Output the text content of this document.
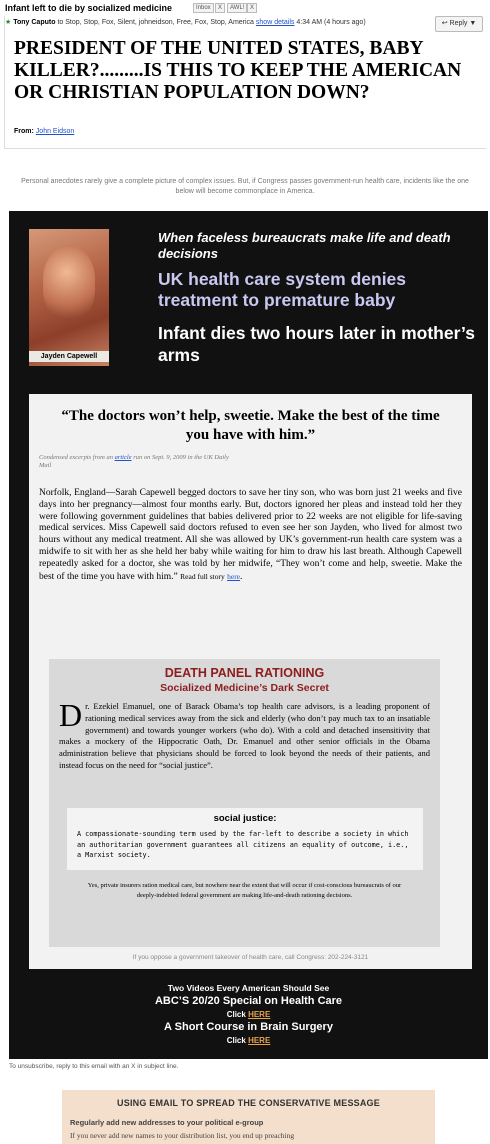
Infant left to die by socialized medicine	Inbox	X	AWL! X
★ Tony Caputo to Stop, Stop, Fox, Silent, johneidson, Free, Fox, Stop, America show details 4:34 AM (4 hours ago)	↩ Reply ▼
PRESIDENT OF THE UNITED STATES, BABY KILLER?.........IS THIS TO KEEP THE AMERICAN OR CHRISTIAN POPULATION DOWN?
From: John Eidson
Personal anecdotes rarely give a complete picture of complex issues. But, if Congress passes government-run health care, incidents like the one below will become commonplace in America.
Jayden Capewell
When faceless bureaucrats make life and death decisions
UK health care system denies treatment to premature baby
Infant dies two hours later in mother’s arms
“The doctors won’t help, sweetie. Make the best of the time you have with him.”
Condensed excerpts from an article run on Sept. 9, 2009 in the UK Daily Mail
Norfolk, England—Sarah Capewell begged doctors to save her tiny son, who was born just 21 weeks and five days into her pregnancy—almost four months early. But, doctors ignored her pleas and instead told her they were following government guidelines that babies delivered prior to 22 weeks are not eligible for life-saving medical services. Miss Capewell said doctors refused to even see her son Jayden, who lived for almost two hours without any medical treatment. All she was allowed by UK’s government-run health care system was a midwife to sit with her as she held her baby while waiting for him to draw his last breath. Although Capewell repeatedly asked for a doctor, she was told by her midwife, “They won’t come and help, sweetie. Make the best of the time you have with him.” Read full story here.
DEATH PANEL RATIONING
Socialized Medicine’s Dark Secret
D r. Ezekiel Emanuel, one of Barack Obama’s top health care advisors, is a leading proponent of rationing medical services away from the sick and elderly (who don’t pay much tax to an insatiable government) and towards younger workers (who do). With a cold and detached insensitivity that makes a mockery of the Hippocratic Oath, Dr. Emanuel and other senior officials in the Obama administration believe that physicians should be forced to look beyond the needs of their patients, and instead focus on the need for “social justice”.
social justice:
A compassionate-sounding term used by the far-left to describe a society in which an authoritarian government guarantees all citizens an equality of outcome, i.e., a Marxist society.
Yes, private insurers ration medical care, but nowhere near the extent that will occur if cost-conscious bureaucrats of our deeply-indebted federal government are making life-and-death rationing decisions.
If you oppose a government takeover of health care, call Congress: 202-224-3121
Two Videos Every American Should See
ABC’S 20/20 Special on Health Care
Click HERE
A Short Course in Brain Surgery
Click HERE
To unsubscribe, reply to this email with an X in subject line.
USING EMAIL TO SPREAD THE CONSERVATIVE MESSAGE
Regularly add new addresses to your political e-group
If you never add new names to your distribution list, you end up preaching
